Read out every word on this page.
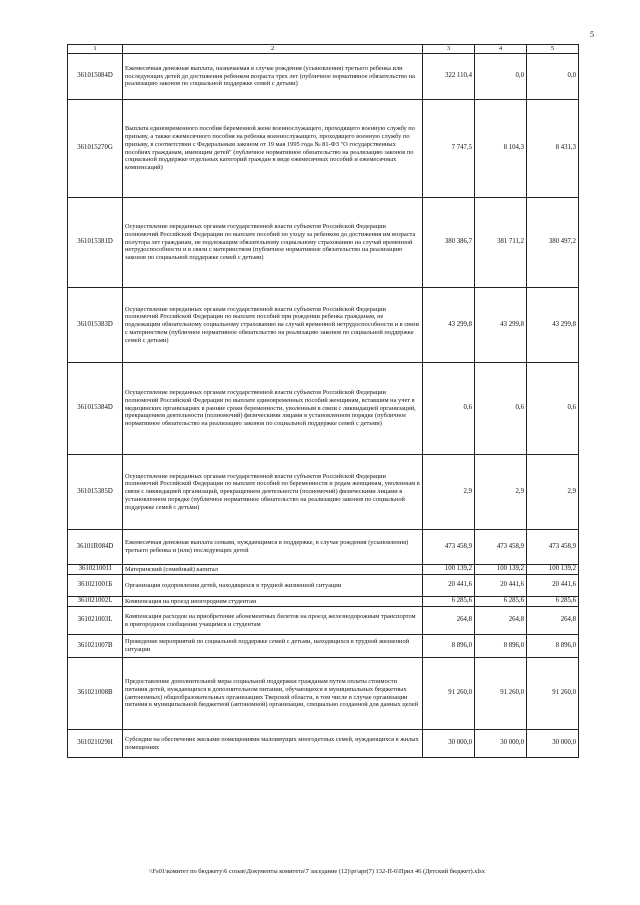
5
1	2	3	4	5
361015084D	Ежемесячная денежная выплата, назначаемая в случае рождения (усыновления) третьего ребенка или последующих детей до достижения ребенком возраста трех лет (публичное нормативное обязательство на реализацию законов по социальной поддержке семей с детьми)	322 110,4	0,0	0,0
361015270G	Выплата единовременного пособия беременной жене военнослужащего, проходящего военную службу по призыву, а также ежемесячного пособия на ребенка военнослужащего, проходящего военную службу по призыву, в соответствии с Федеральным законом от 19 мая 1995 года № 81-ФЗ "О государственных пособиях гражданам, имеющим детей" (публичное нормативное обязательство на реализацию законов по социальной поддержке отдельных категорий граждан в виде ежемесячных пособий и ежемесячных компенсаций)	7 747,5	8 104,3	8 431,3
361015381D	Осуществление переданных органам государственной власти субъектов Российской Федерации полномочий Российской Федерации по выплате пособий по уходу за ребенком до достижения им возраста полутора лет гражданам, не подлежащим обязательному социальному страхованию на случай временной нетрудоспособности и в связи с материнством (публичное нормативное обязательство на реализацию законов по социальной поддержке семей с детьми)	380 386,7	381 711,2	380 497,2
361015383D	Осуществление переданных органам государственной власти субъектов Российской Федерации полномочий Российской Федерации по выплате пособий при рождении ребенка гражданам, не подлежащим обязательному социальному страхованию на случай временной нетрудоспособности и в связи с материнством (публичное нормативное обязательство на реализацию законов по социальной поддержке семей с детьми)	43 299,8	43 299,8	43 299,8
361015384D	Осуществление переданных органам государственной власти субъектов Российской Федерации полномочий Российской Федерации по выплате единовременных пособий женщинам, вставшим на учет в медицинских организациях в ранние сроки беременности, уволенным в связи с ликвидацией организаций, прекращением деятельности (полномочий) физическими лицами в установленном порядке (публичное нормативное обязательство на реализацию законов по социальной поддержке семей с детьми)	0,6	0,6	0,6
361015385D	Осуществление переданных органам государственной власти субъектов Российской Федерации полномочий Российской Федерации по выплате пособий по беременности и родам женщинам, уволенным в связи с ликвидацией организаций, прекращением деятельности (полномочий) физическими лицами в установленном порядке (публичное нормативное обязательство на реализацию законов по социальной поддержке семей с детьми)	2,9	2,9	2,9
36101R084D	Ежемесячная денежная выплата семьям, нуждающимся в поддержке, в случае рождения (усыновления) третьего ребенка и (или) последующих детей	473 458,9	473 458,9	473 458,9
361021001I	Материнский (семейный) капитал	100 139,2	100 139,2	100 139,2
361021001Б	Организация оздоровления детей, находящихся в трудной жизненной ситуации	20 441,6	20 441,6	20 441,6
361021002L	Компенсация на проезд иногородним студентам	6 285,6	6 285,6	6 285,6
361021003L	Компенсация расходов на приобретение абонементных билетов на проезд железнодорожным транспортом в пригородном сообщении учащимся и студентам	264,8	264,8	264,8
361021007В	Проведение мероприятий по социальной поддержке семей с детьми, находящихся в трудной жизненной ситуации	8 896,0	8 896,0	8 896,0
361021008В	Предоставление дополнительной меры социальной поддержки гражданам путем оплаты стоимости питания детей, нуждающихся в дополнительном питании, обучающихся в муниципальных бюджетных (автономных) общеобразовательных организациях Тверской области, в том числе в случае организации питания в муниципальной бюджетной (автономной) организации, специально созданной для данных целей	91 260,0	91 260,0	91 260,0
361021029Н	Субсидии на обеспечение жилыми помещениями малоимущих многодетных семей, нуждающихся в жилых помещениях	30 000,0	30 000,0	30 000,0
\\Fs01\комитет по бюджету\6 созыв\Документы комитета\7 заседание (12)\pr\apr(7) 132-П-6\Прил 46 (Детский бюджет).xlsx
